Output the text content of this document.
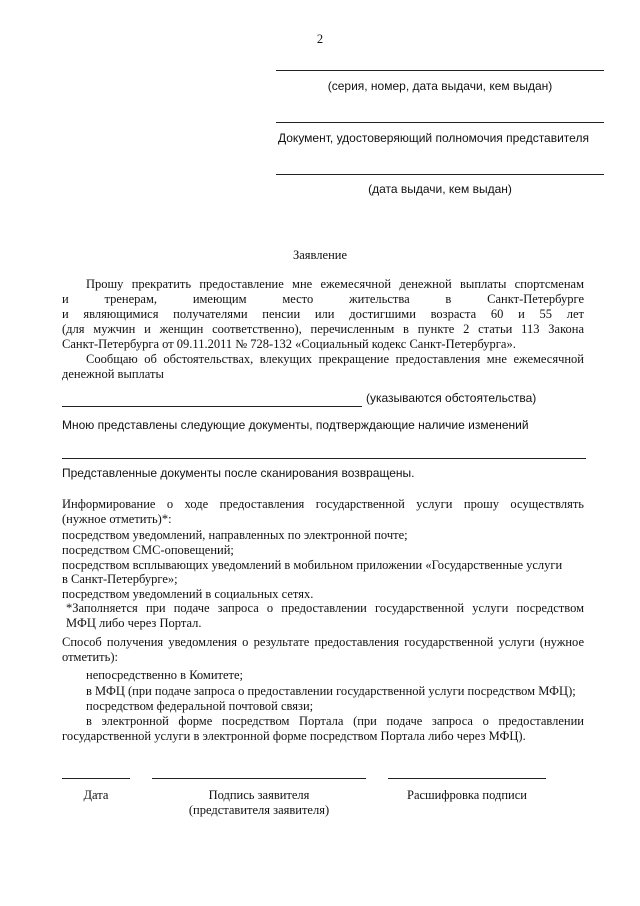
2
(серия, номер, дата выдачи, кем выдан)
Документ, удостоверяющий полномочия представителя
(дата выдачи, кем выдан)
Заявление
Прошу прекратить предоставление мне ежемесячной денежной выплаты спортсменам
и тренерам, имеющим место жительства в Санкт-Петербурге
и являющимися получателями пенсии или достигшими возраста 60 и 55 лет
(для мужчин и женщин соответственно), перечисленным в пункте 2 статьи 113 Закона
Санкт-Петербурга от 09.11.2011 № 728-132 «Социальный кодекс Санкт-Петербурга».
Сообщаю об обстоятельствах, влекущих прекращение предоставления мне ежемесячной
денежной выплаты
(указываются обстоятельства)
Мною представлены следующие документы, подтверждающие наличие изменений
Представленные документы после сканирования возвращены.
Информирование о ходе предоставления государственной услуги прошу осуществлять
(нужное отметить)*:
посредством уведомлений, направленных по электронной почте;
посредством СМС-оповещений;
посредством всплывающих уведомлений в мобильном приложении «Государственные услуги
в Санкт-Петербурге»;
посредством уведомлений в социальных сетях.
*Заполняется при подаче запроса о предоставлении государственной услуги посредством
МФЦ либо через Портал.
Способ получения уведомления о результате предоставления государственной услуги (нужное
отметить):
непосредственно в Комитете;
в МФЦ (при подаче запроса о предоставлении государственной услуги посредством МФЦ);
посредством федеральной почтовой связи;
в электронной форме посредством Портала (при подаче запроса о предоставлении
государственной услуги в электронной форме посредством Портала либо через МФЦ).
Дата	Подпись заявителя
(представителя заявителя)
Расшифровка подписи
